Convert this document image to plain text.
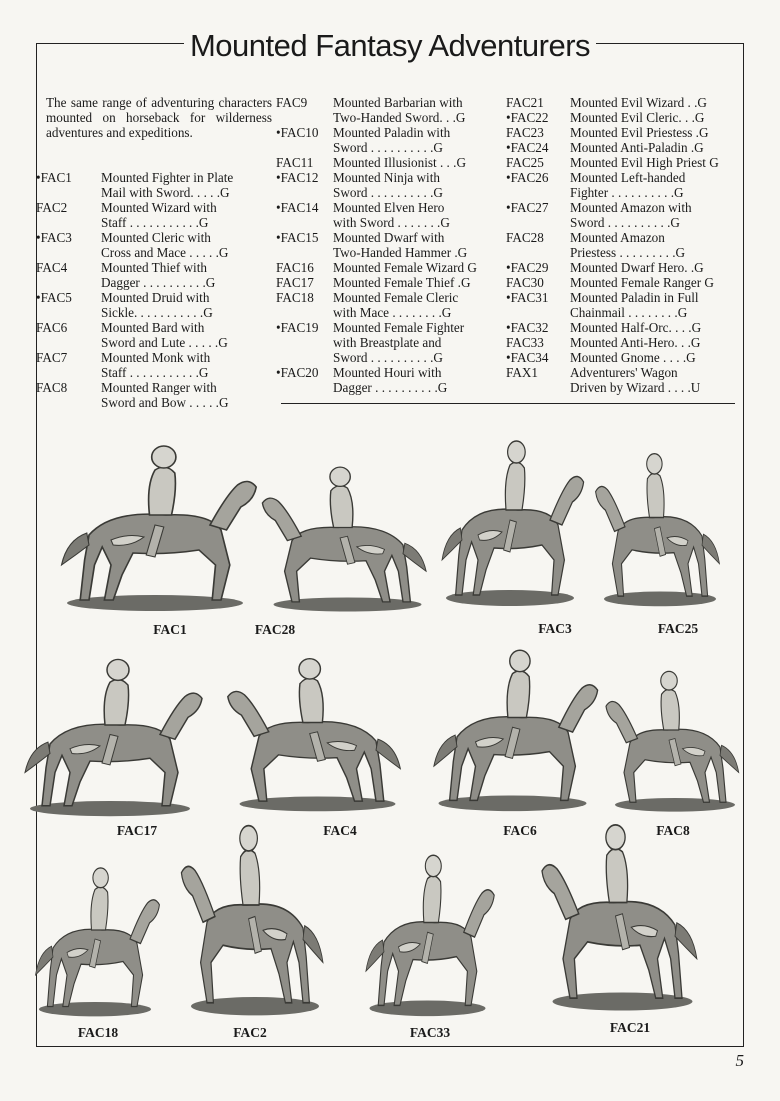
Mounted Fantasy Adventurers
The same range of adventuring characters mounted on horseback for wilderness adventures and expeditions.
• FAC1 Mounted Fighter in Plate
Mail with Sword. . . . .G
FAC2	Mounted Wizard with
Staff . . . . . . . . . . .G
• FAC3 Mounted Cleric with
Cross and Mace . . . . .G
FAC4	Mounted Thief with
Dagger . . . . . . . . . .G
• FAC5 Mounted Druid with
Sickle. . . . . . . . . . .G
FAC6	Mounted Bard with
Sword and Lute . . . . .G
FAC7	Mounted Monk with
Staff . . . . . . . . . . .G
FAC8	Mounted Ranger with
Sword and Bow . . . . .G
FAC9 Mounted Barbarian with
Two-Handed Sword. . .G
• FAC10 Mounted Paladin with
Sword . . . . . . . . . .G
FAC11 Mounted Illusionist . . .G
• FAC12 Mounted Ninja with
Sword . . . . . . . . . .G
• FAC14 Mounted Elven Hero
with Sword . . . . . . .G
• FAC15 Mounted Dwarf with
Two-Handed Hammer .G
FAC16 Mounted Female Wizard G
FAC17 Mounted Female Thief .G
FAC18 Mounted Female Cleric
with Mace . . . . . . . .G
• FAC19 Mounted Female Fighter
with Breastplate and
Sword . . . . . . . . . .G
• FAC20 Mounted Houri with
Dagger . . . . . . . . . .G
FAC21 Mounted Evil Wizard . .G
• FAC22 Mounted Evil Cleric. . .G
FAC23 Mounted Evil Priestess .G
• FAC24 Mounted Anti-Paladin .G
FAC25 Mounted Evil High Priest G
• FAC26 Mounted Left-handed
Fighter . . . . . . . . . .G
• FAC27 Mounted Amazon with
Sword . . . . . . . . . .G
FAC28 Mounted Amazon
Priestess . . . . . . . . .G
• FAC29 Mounted Dwarf Hero. .G
FAC30 Mounted Female Ranger G
• FAC31 Mounted Paladin in Full
Chainmail . . . . . . . .G
• FAC32 Mounted Half-Orc. . . .G
FAC33 Mounted Anti-Hero. . .G
• FAC34 Mounted Gnome . . . .G
FAX1 Adventurers' Wagon
Driven by Wizard . . . .U
FAC1	FAC28	FAC3	FAC25
FAC17	FAC4	FAC6	FAC8
FAC18	FAC2	FAC33	FAC21
5
